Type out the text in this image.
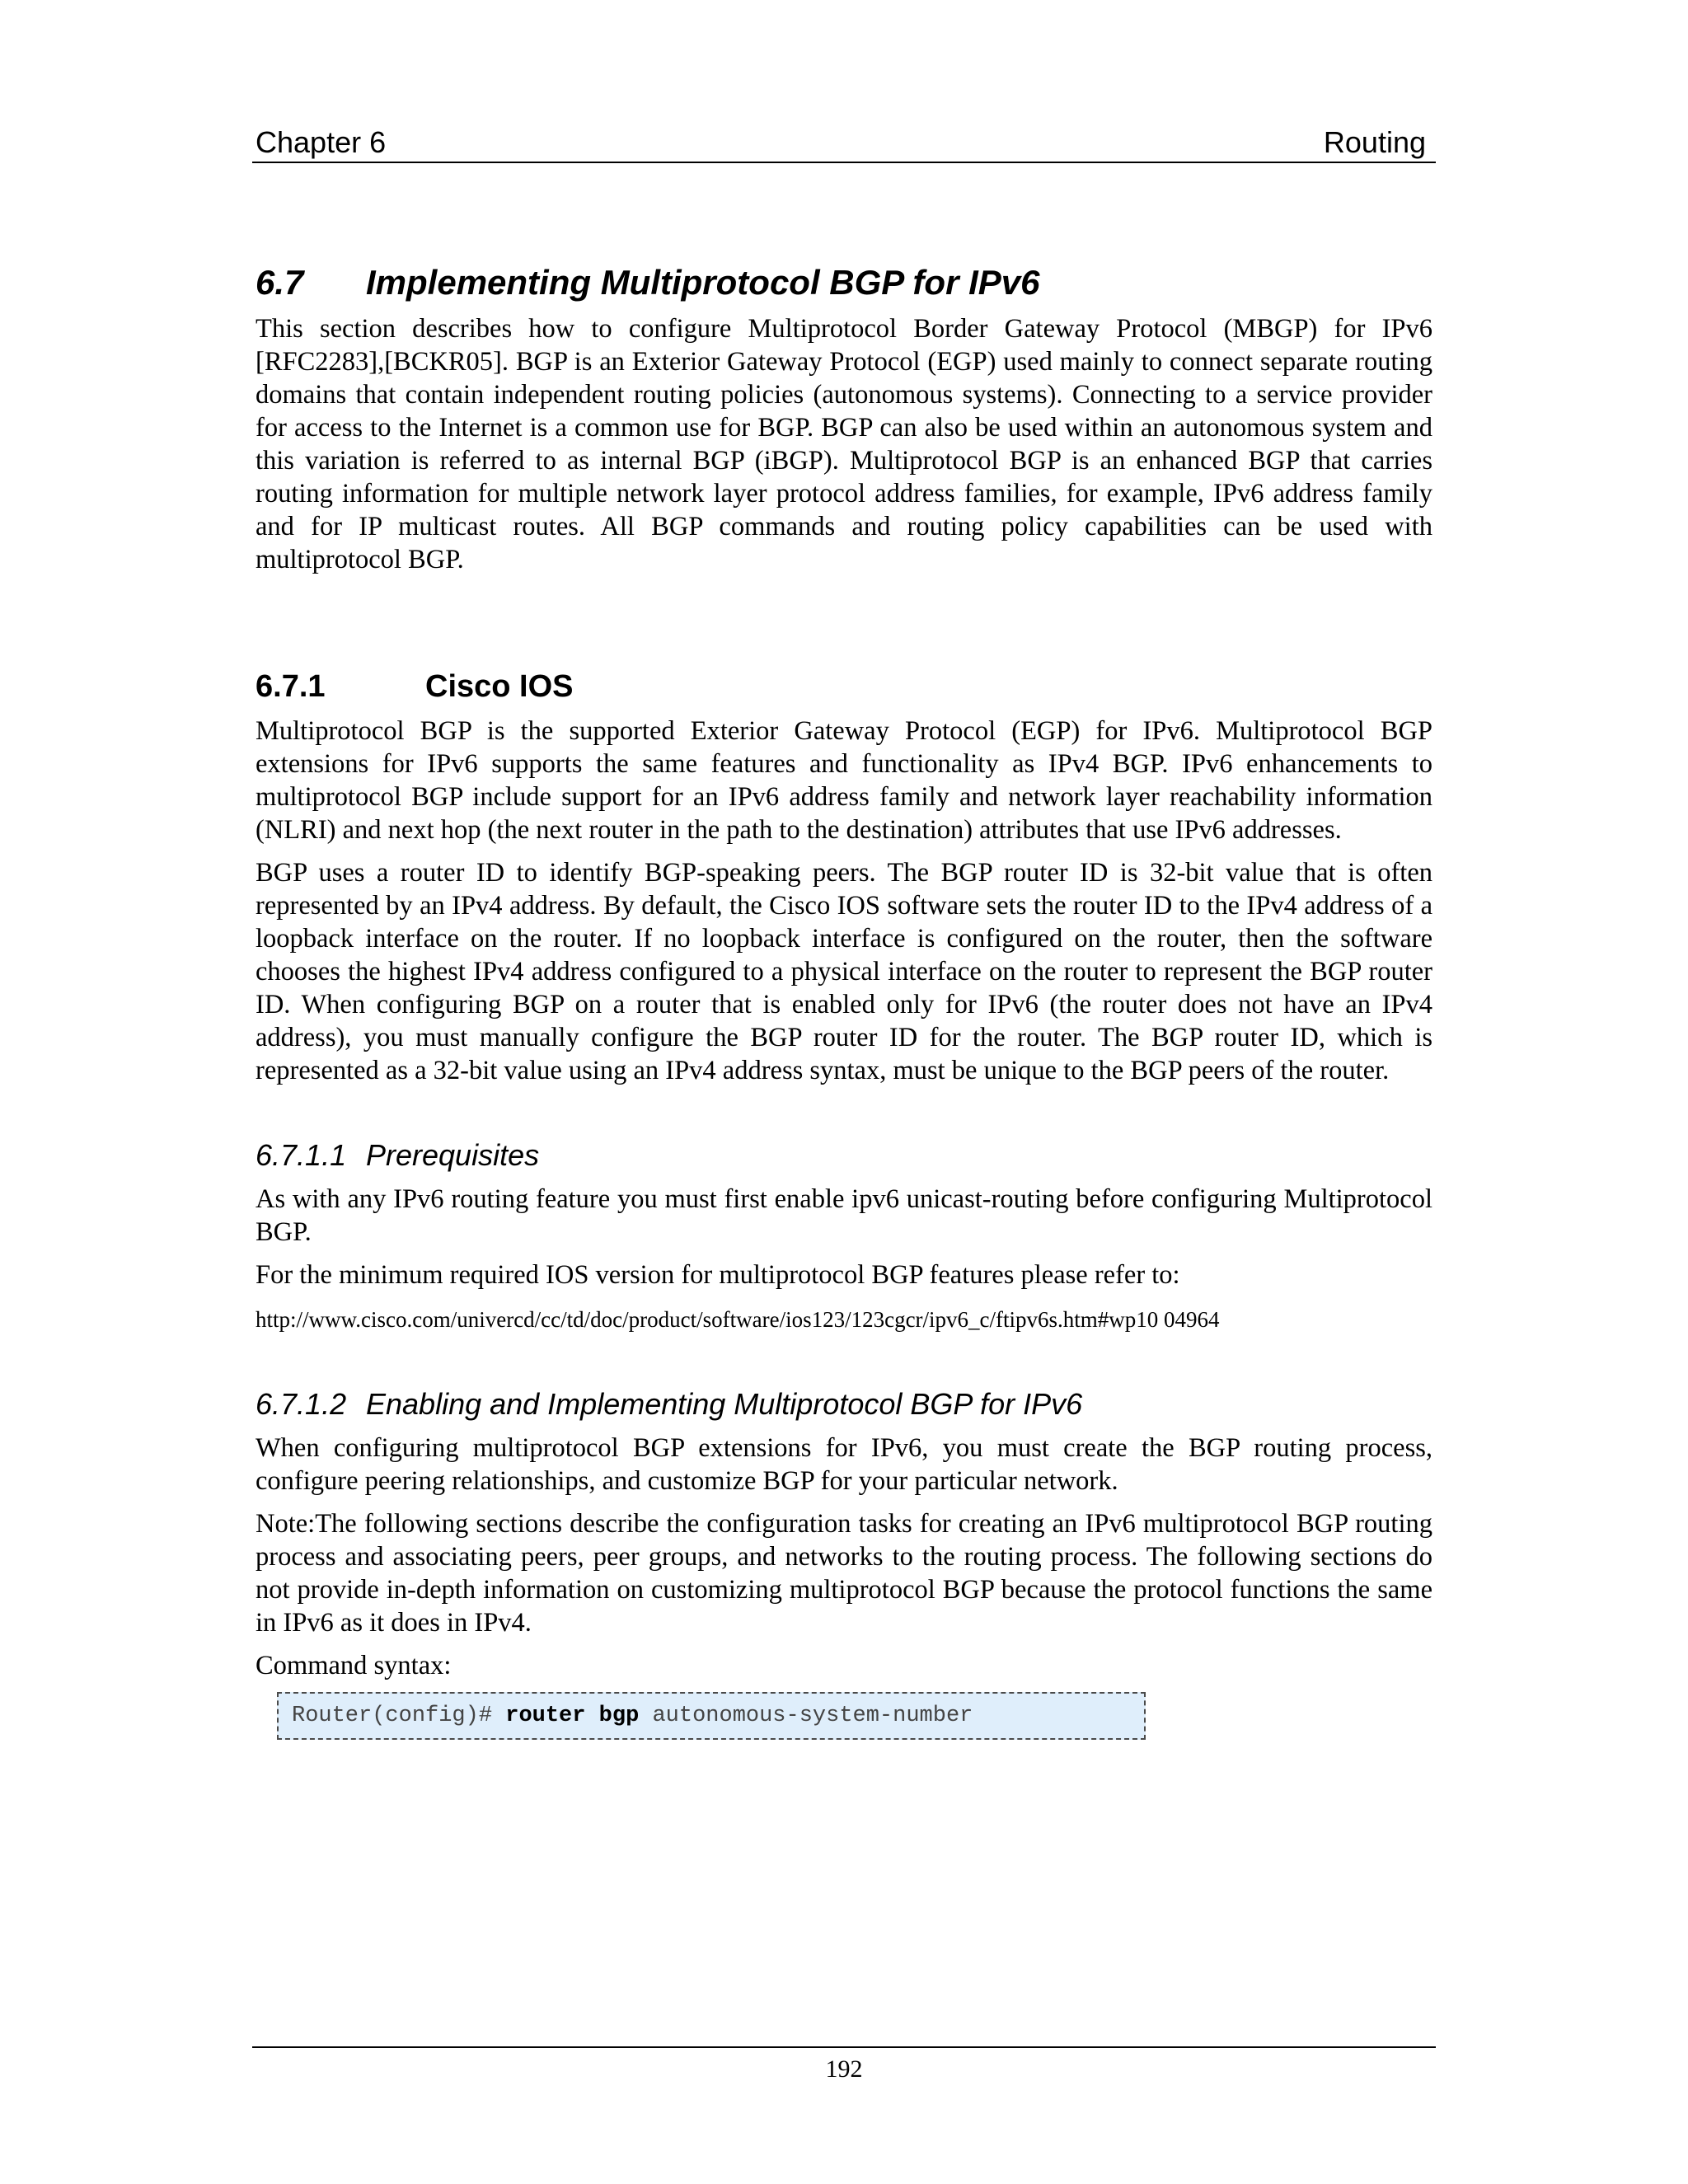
Chapter 6	Routing
6.7 Implementing Multiprotocol BGP for IPv6

This section describes how to configure Multiprotocol Border Gateway Protocol (MBGP) for IPv6 [RFC2283],[BCKR05]. BGP is an Exterior Gateway Protocol (EGP) used mainly to connect separate routing domains that contain independent routing policies (autonomous systems). Connecting to a service provider for access to the Internet is a common use for BGP. BGP can also be used within an autonomous system and this variation is referred to as internal BGP (iBGP). Multiprotocol BGP is an enhanced BGP that carries routing information for multiple network layer protocol address families, for example, IPv6 address family and for IP multicast routes. All BGP commands and routing policy capabilities can be used with multiprotocol BGP.

6.7.1	Cisco IOS

Multiprotocol BGP is the supported Exterior Gateway Protocol (EGP) for IPv6. Multiprotocol BGP extensions for IPv6 supports the same features and functionality as IPv4 BGP. IPv6 enhancements to multiprotocol BGP include support for an IPv6 address family and network layer reachability information (NLRI) and next hop (the next router in the path to the destination) attributes that use IPv6 addresses.

BGP uses a router ID to identify BGP-speaking peers. The BGP router ID is 32-bit value that is often represented by an IPv4 address. By default, the Cisco IOS software sets the router ID to the IPv4 address of a loopback interface on the router. If no loopback interface is configured on the router, then the software chooses the highest IPv4 address configured to a physical interface on the router to represent the BGP router ID. When configuring BGP on a router that is enabled only for IPv6 (the router does not have an IPv4 address), you must manually configure the BGP router ID for the router. The BGP router ID, which is represented as a 32-bit value using an IPv4 address syntax, must be unique to the BGP peers of the router.

6.7.1.1 Prerequisites

As with any IPv6 routing feature you must first enable ipv6 unicast-routing before configuring Multiprotocol BGP.

For the minimum required IOS version for multiprotocol BGP features please refer to:

http://www.cisco.com/univercd/cc/td/doc/product/software/ios123/123cgcr/ipv6_c/ftipv6s.htm#wp10 04964

6.7.1.2 Enabling and Implementing Multiprotocol BGP for IPv6

When configuring multiprotocol BGP extensions for IPv6, you must create the BGP routing process, configure peering relationships, and customize BGP for your particular network.

Note:The following sections describe the configuration tasks for creating an IPv6 multiprotocol BGP routing process and associating peers, peer groups, and networks to the routing process. The following sections do not provide in-depth information on customizing multiprotocol BGP because the protocol functions the same in IPv6 as it does in IPv4.

Command syntax:

Router(config)# router bgp autonomous-system-number
192
